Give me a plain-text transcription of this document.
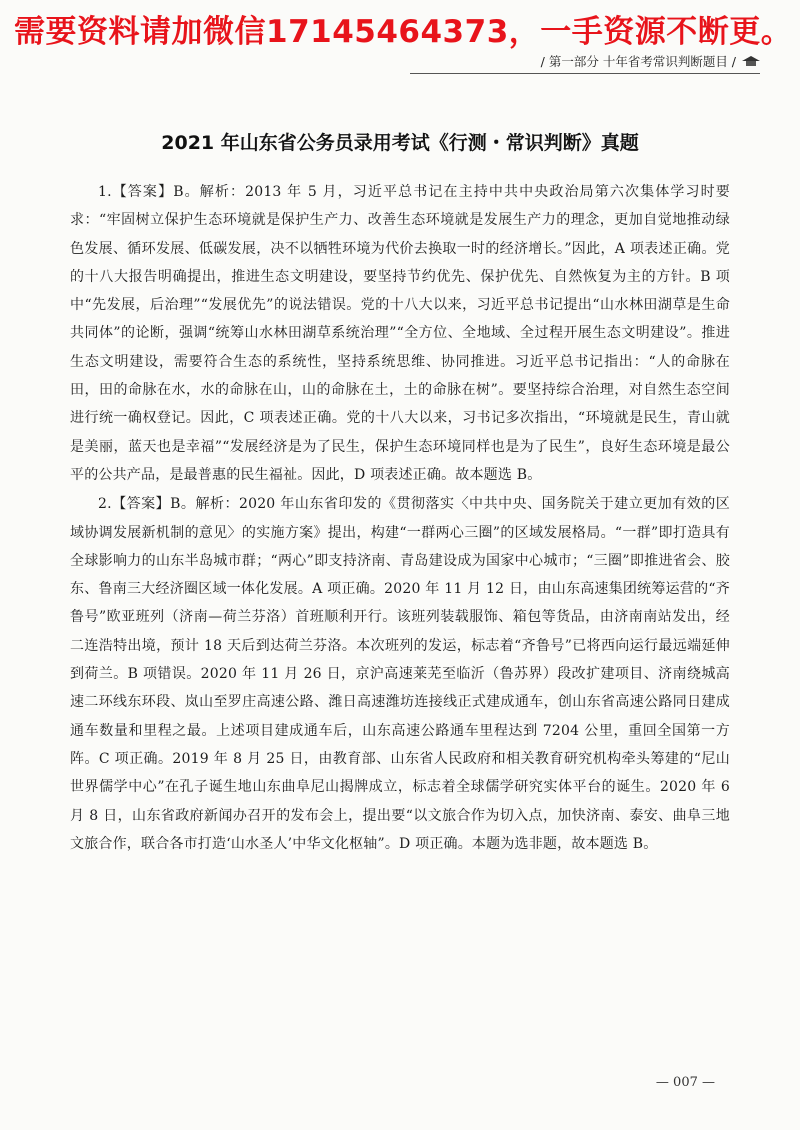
需要资料请加微信17145464373，一手资源不断更。
/ 第一部分 十年省考常识判断题目 /
2021 年山东省公务员录用考试《行测・常识判断》真题

1.【答案】B。解析：2013 年 5 月，习近平总书记在主持中共中央政治局第六次集体学习时要求：“牢固树立保护生态环境就是保护生产力、改善生态环境就是发展生产力的理念，更加自觉地推动绿色发展、循环发展、低碳发展，决不以牺牲环境为代价去换取一时的经济增长。”因此，A 项表述正确。党的十八大报告明确提出，推进生态文明建设，要坚持节约优先、保护优先、自然恢复为主的方针。B 项中“先发展，后治理”“发展优先”的说法错误。党的十八大以来，习近平总书记提出“山水林田湖草是生命共同体”的论断，强调“统筹山水林田湖草系统治理”“全方位、全地域、全过程开展生态文明建设”。推进生态文明建设，需要符合生态的系统性，坚持系统思维、协同推进。习近平总书记指出：“人的命脉在田，田的命脉在水，水的命脉在山，山的命脉在土，土的命脉在树”。要坚持综合治理，对自然生态空间进行统一确权登记。因此，C 项表述正确。党的十八大以来，习书记多次指出，“环境就是民生，青山就是美丽，蓝天也是幸福”“发展经济是为了民生，保护生态环境同样也是为了民生”，良好生态环境是最公平的公共产品，是最普惠的民生福祉。因此，D 项表述正确。故本题选 B。

2.【答案】B。解析：2020 年山东省印发的《贯彻落实〈中共中央、国务院关于建立更加有效的区域协调发展新机制的意见〉的实施方案》提出，构建“一群两心三圈”的区域发展格局。“一群”即打造具有全球影响力的山东半岛城市群；“两心”即支持济南、青岛建设成为国家中心城市；“三圈”即推进省会、胶东、鲁南三大经济圈区域一体化发展。A 项正确。2020 年 11 月 12 日，由山东高速集团统筹运营的“齐鲁号”欧亚班列（济南—荷兰芬洛）首班顺利开行。该班列装载服饰、箱包等货品，由济南南站发出，经二连浩特出境，预计 18 天后到达荷兰芬洛。本次班列的发运，标志着“齐鲁号”已将西向运行最远端延伸到荷兰。B 项错误。2020 年 11 月 26 日，京沪高速莱芜至临沂（鲁苏界）段改扩建项目、济南绕城高速二环线东环段、岚山至罗庄高速公路、潍日高速潍坊连接线正式建成通车，创山东省高速公路同日建成通车数量和里程之最。上述项目建成通车后，山东高速公路通车里程达到 7204 公里，重回全国第一方阵。C 项正确。2019 年 8 月 25 日，由教育部、山东省人民政府和相关教育研究机构牵头筹建的“尼山世界儒学中心”在孔子诞生地山东曲阜尼山揭牌成立，标志着全球儒学研究实体平台的诞生。2020 年 6 月 8 日，山东省政府新闻办召开的发布会上，提出要“以文旅合作为切入点，加快济南、泰安、曲阜三地文旅合作，联合各市打造‘山水圣人’中华文化枢轴”。D 项正确。本题为选非题，故本题选 B。

— 007 —
